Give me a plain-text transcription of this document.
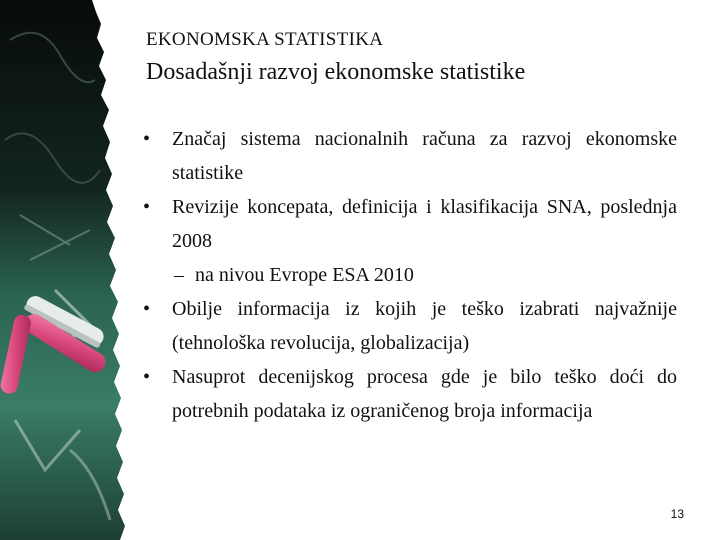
EKONOMSKA STATISTIKA
Dosadašnji razvoj ekonomske statistike
•	Značaj sistema nacionalnih računa za razvoj ekonomske statistike
•	Revizije koncepata, definicija i klasifikacija SNA, poslednja 2008
– na nivou Evrope ESA 2010
•	Obilje informacija iz kojih je teško izabrati najvažnije (tehnološka revolucija, globalizacija)
•	Nasuprot decenijskog procesa gde je bilo teško doći do potrebnih podataka iz ograničenog broja informacija
13
